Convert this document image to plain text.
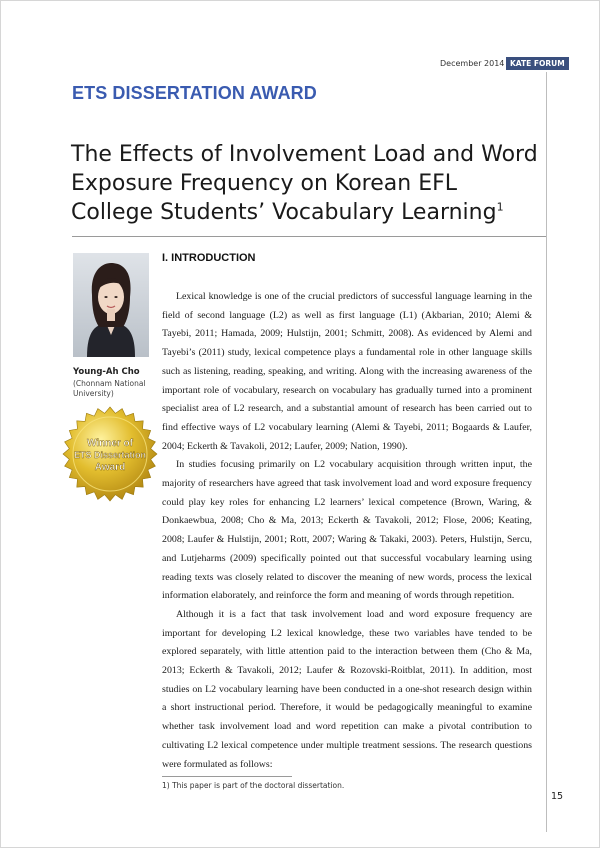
December 2014 KATE FORUM
ETS DISSERTATION AWARD
The Effects of Involvement Load and Word Exposure Frequency on Korean EFL College Students’ Vocabulary Learning$^1$
Young-Ah Cho
(Chonnam National University)
Winner of
ETS Dissertation
Award
I. INTRODUCTION

Lexical knowledge is one of the crucial predictors of successful language learning in the field of second language (L2) as well as first language (L1) (Akbarian, 2010; Alemi & Tayebi, 2011; Hamada, 2009; Hulstijn, 2001; Schmitt, 2008). As evidenced by Alemi and Tayebi’s (2011) study, lexical competence plays a fundamental role in other language skills such as listening, reading, speaking, and writing. Along with the increasing awareness of the important role of vocabulary, research on vocabulary has gradually turned into a prominent specialist area of L2 research, and a substantial amount of research has been carried out to find effective ways of L2 vocabulary learning (Alemi & Tayebi, 2011; Bogaards & Laufer, 2004; Eckerth & Tavakoli, 2012; Laufer, 2009; Nation, 1990).

In studies focusing primarily on L2 vocabulary acquisition through written input, the majority of researchers have agreed that task involvement load and word exposure frequency could play key roles for enhancing L2 learners’ lexical competence (Brown, Waring, & Donkaewbua, 2008; Cho & Ma, 2013; Eckerth & Tavakoli, 2012; Flose, 2006; Keating, 2008; Laufer & Hulstijn, 2001; Rott, 2007; Waring & Takaki, 2003). Peters, Hulstijn, Sercu, and Lutjeharms (2009) specifically pointed out that successful vocabulary learning using reading texts was closely related to discover the meaning of new words, process the lexical information elaborately, and reinforce the form and meaning of words through repetition.

Although it is a fact that task involvement load and word exposure frequency are important for developing L2 lexical knowledge, these two variables have tended to be explored separately, with little attention paid to the interaction between them (Cho & Ma, 2013; Eckerth & Tavakoli, 2012; Laufer & Rozovski-Roitblat, 2011). In addition, most studies on L2 vocabulary learning have been conducted in a one-shot research design within a short instructional period. Therefore, it would be pedagogically meaningful to examine whether task involvement load and word repetition can make a pivotal contribution to cultivating L2 lexical competence under multiple treatment sessions. The research questions were formulated as follows:

1) This paper is part of the doctoral dissertation.
15
